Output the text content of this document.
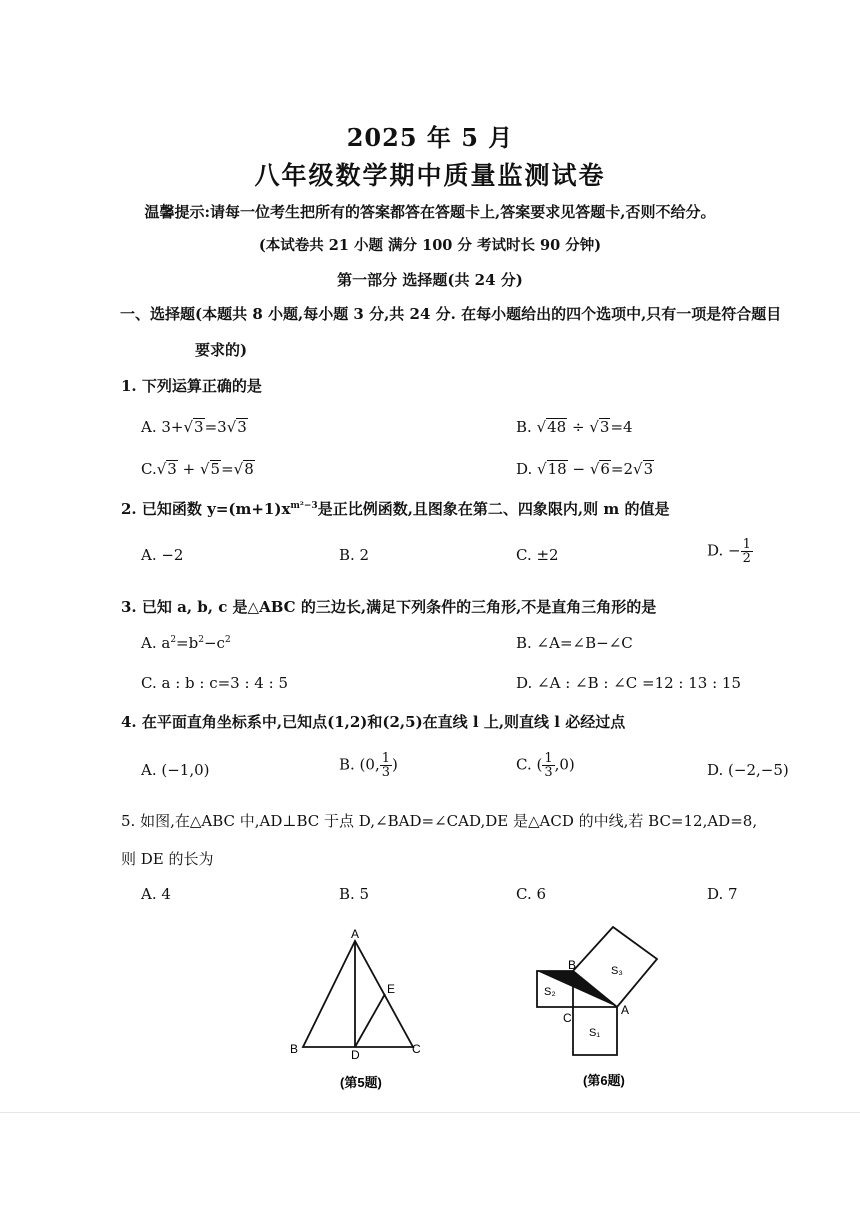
2025 年 5 月
八年级数学期中质量监测试卷
温馨提示:请每一位考生把所有的答案都答在答题卡上,答案要求见答题卡,否则不给分。
(本试卷共 21 小题 满分 100 分 考试时长 90 分钟)
第一部分 选择题(共 24 分)
一、选择题(本题共 8 小题,每小题 3 分,共 24 分. 在每小题给出的四个选项中,只有一项是符合题目
要求的)
1. 下列运算正确的是
A. 3+√3=3√3	B. √48 ÷ √3=4
C.√3 + √5=√8	D. √18 − √6=2√3
2. 已知函数 $y=(m+1)x^{m^2-3}$是正比例函数,且图象在第二、四象限内,则 m 的值是
A. −2	B. 2	C. ±2	D. − $\frac{1}{2}$
3. 已知 a, b, c 是△ABC 的三边长,满足下列条件的三角形,不是直角三角形的是
A. $a^2=b^2-c^2$	B. ∠A=∠B−∠C
C. a : b : c=3 : 4 : 5	D. ∠A : ∠B : ∠C =12 : 13 : 15
4. 在平面直角坐标系中,已知点(1,2)和(2,5)在直线 l 上,则直线 l 必经过点
A. (−1,0)	B. (0, $\frac{1}{3}$ )	C. ( $\frac{1}{3} ,0$)	D. (−2,−5)
5. 如图,在△ABC 中,AD⊥BC 于点 D,∠BAD=∠CAD,DE 是△ACD 的中线,若 BC=12,AD=8,
则 DE 的长为
A. 4	B. 5	C. 6	D. 7
A
B	C
D
E
(第5题)
B
C
A
S₁
S₂
S₃
(第6题)
